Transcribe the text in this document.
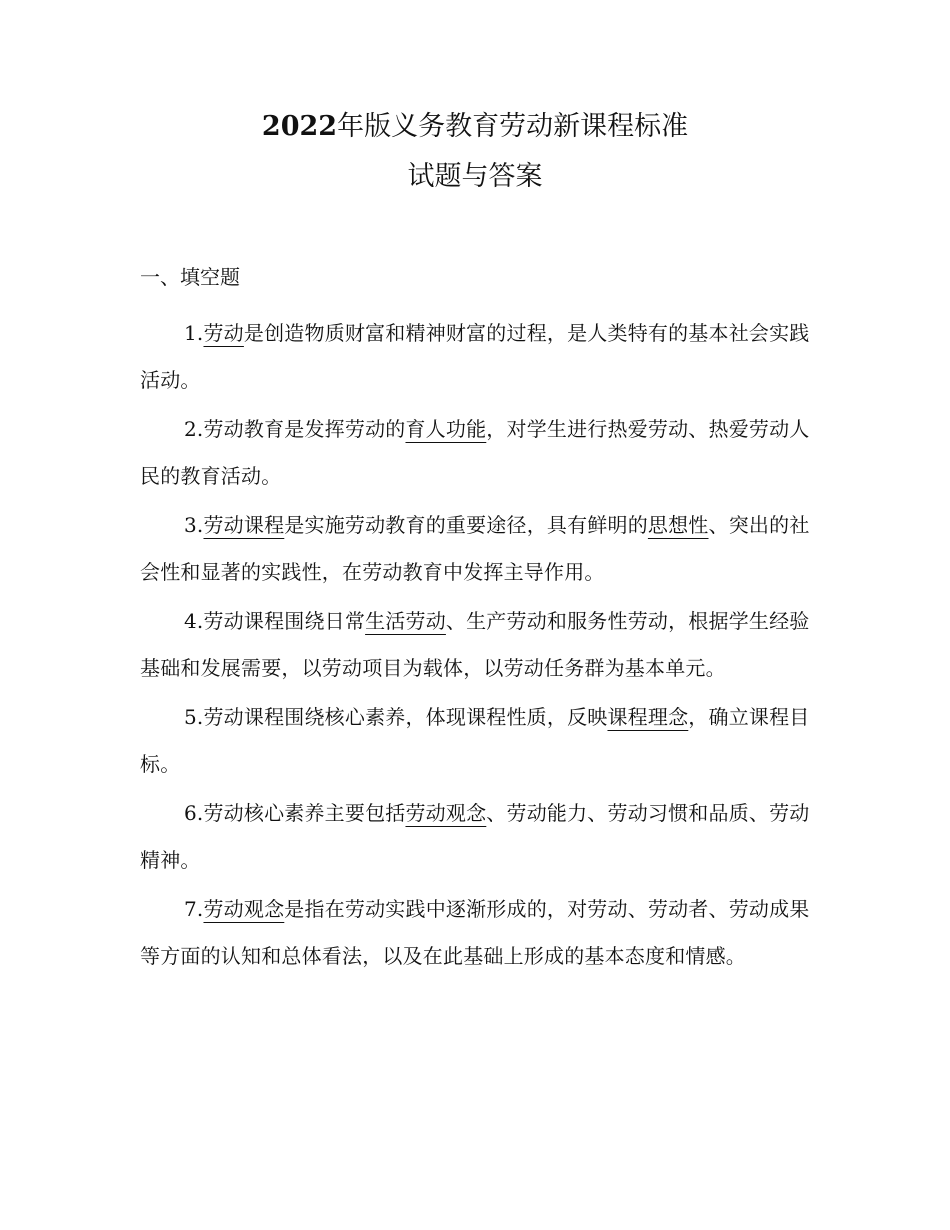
2022年版义务教育劳动新课程标准
试题与答案
一、填空题

1.劳动是创造物质财富和精神财富的过程，是人类特有的基本社会实践活动。

2.劳动教育是发挥劳动的育人功能，对学生进行热爱劳动、热爱劳动人民的教育活动。

3.劳动课程是实施劳动教育的重要途径，具有鲜明的思想性、突出的社会性和显著的实践性，在劳动教育中发挥主导作用。

4.劳动课程围绕日常生活劳动、生产劳动和服务性劳动，根据学生经验基础和发展需要，以劳动项目为载体，以劳动任务群为基本单元。

5.劳动课程围绕核心素养，体现课程性质，反映课程理念，确立课程目标。

6.劳动核心素养主要包括劳动观念、劳动能力、劳动习惯和品质、劳动精神。

7.劳动观念是指在劳动实践中逐渐形成的，对劳动、劳动者、劳动成果等方面的认知和总体看法，以及在此基础上形成的基本态度和情感。
